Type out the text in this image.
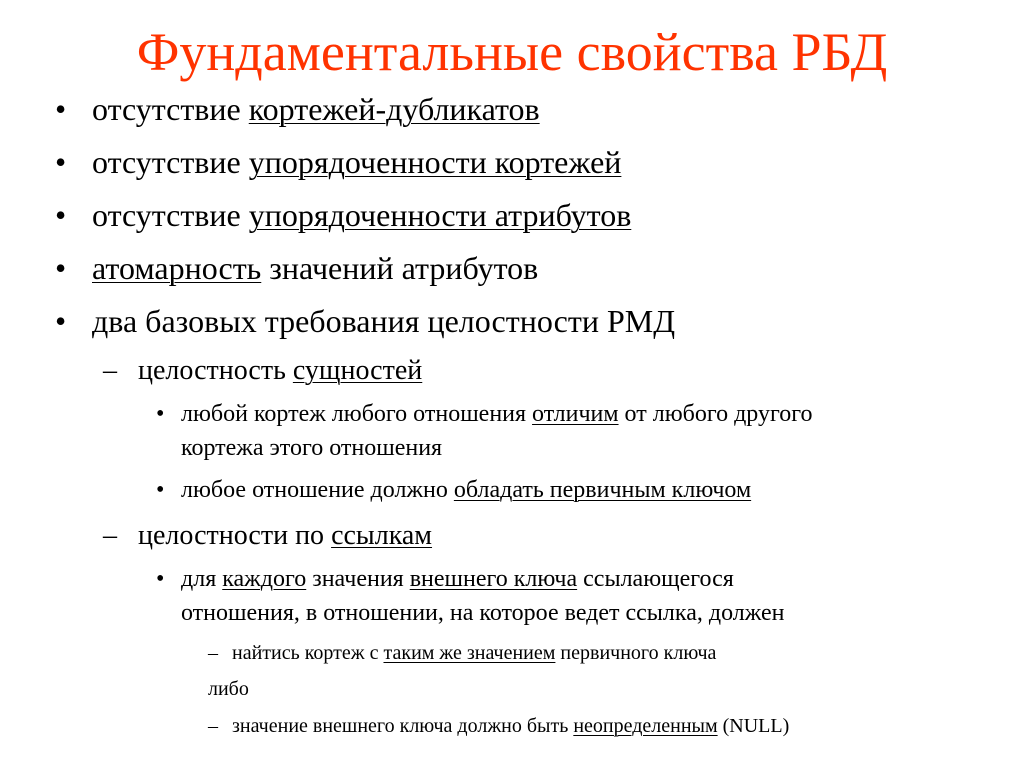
Фундаментальные свойства РБД
• отсутствие кортежей-дубликатов
• отсутствие упорядоченности кортежей
• отсутствие упорядоченности атрибутов
• атомарность значений атрибутов
• два базовых требования целостности РМД
– целостность сущностей
• любой кортеж любого отношения отличим от любого другого
кортежа этого отношения
• любое отношение должно обладать первичным ключом
– целостности по ссылкам
• для каждого значения внешнего ключа ссылающегося
отношения, в отношении, на которое ведет ссылка, должен
– найтись кортеж с таким же значением первичного ключа
либо
– значение внешнего ключа должно быть неопределенным (NULL)
